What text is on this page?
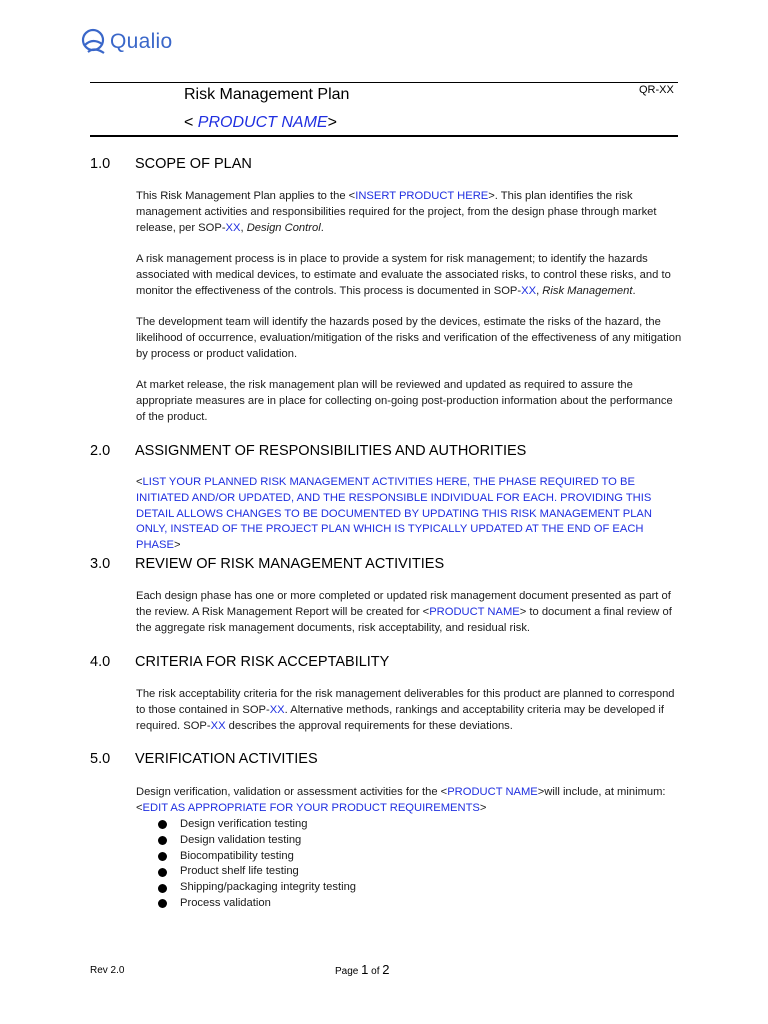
Qualio
Risk Management Plan
< PRODUCT NAME>
QR-XX
1.0	SCOPE OF PLAN

This Risk Management Plan applies to the <INSERT PRODUCT HERE>. This plan identifies the risk management activities and responsibilities required for the project, from the design phase through market release, per SOP-XX, Design Control.

A risk management process is in place to provide a system for risk management; to identify the hazards associated with medical devices, to estimate and evaluate the associated risks, to control these risks, and to monitor the effectiveness of the controls. This process is documented in SOP-XX, Risk Management.

The development team will identify the hazards posed by the devices, estimate the risks of the hazard, the likelihood of occurrence, evaluation/mitigation of the risks and verification of the effectiveness of any mitigation by process or product validation.

At market release, the risk management plan will be reviewed and updated as required to assure the appropriate measures are in place for collecting on-going post-production information about the performance of the product.

2.0	ASSIGNMENT OF RESPONSIBILITIES AND AUTHORITIES

<LIST YOUR PLANNED RISK MANAGEMENT ACTIVITIES HERE, THE PHASE REQUIRED TO BE INITIATED AND/OR UPDATED, AND THE RESPONSIBLE INDIVIDUAL FOR EACH. PROVIDING THIS DETAIL ALLOWS CHANGES TO BE DOCUMENTED BY UPDATING THIS RISK MANAGEMENT PLAN ONLY, INSTEAD OF THE PROJECT PLAN WHICH IS TYPICALLY UPDATED AT THE END OF EACH PHASE>

3.0	REVIEW OF RISK MANAGEMENT ACTIVITIES

Each design phase has one or more completed or updated risk management document presented as part of the review. A Risk Management Report will be created for <PRODUCT NAME> to document a final review of the aggregate risk management documents, risk acceptability, and residual risk.

4.0	CRITERIA FOR RISK ACCEPTABILITY

The risk acceptability criteria for the risk management deliverables for this product are planned to correspond to those contained in SOP-XX. Alternative methods, rankings and acceptability criteria may be developed if required. SOP-XX describes the approval requirements for these deviations.

5.0	VERIFICATION ACTIVITIES

Design verification, validation or assessment activities for the <PRODUCT NAME>will include, at minimum:<EDIT AS APPROPRIATE FOR YOUR PRODUCT REQUIREMENTS>

Design verification testing
Design validation testing
Biocompatibility testing
Product shelf life testing
Shipping/packaging integrity testing
Process validation
Rev 2.0	Page 1 of 2
